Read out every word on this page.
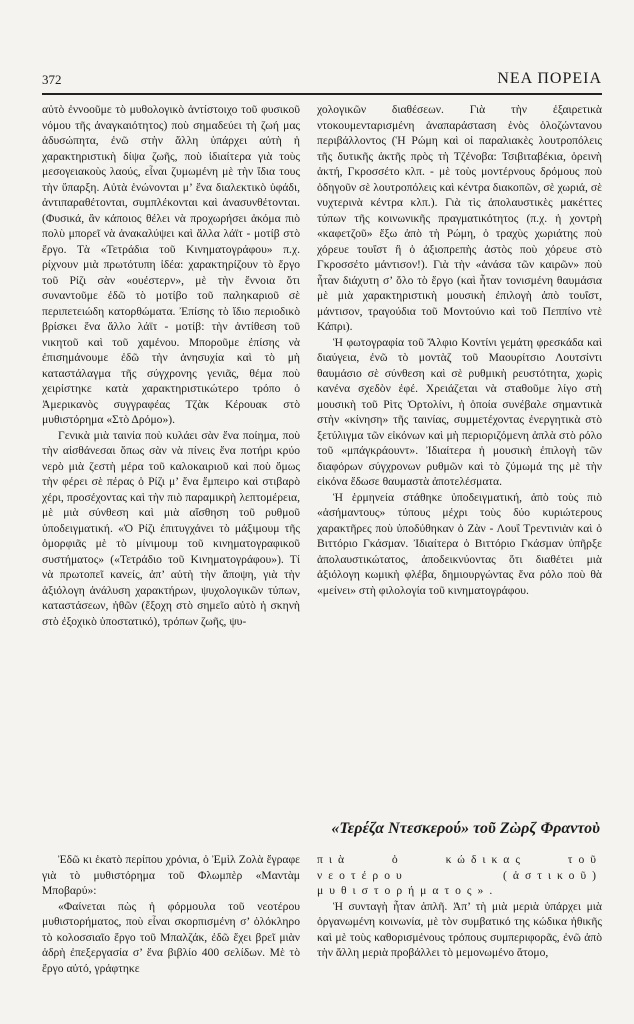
372	ΝΕΑ ΠΟΡΕΙΑ

αὐτὸ ἐννοοῦμε τὸ μυθολογικὸ ἀντίστοιχο τοῦ φυσικοῦ νόμου τῆς ἀναγκαιότητος) ποὺ σημαδεύει τὴ ζωή μας ἀδυσώπητα, ἐνῶ στὴν ἄλλη ὑπάρχει αὐτὴ ἡ χαρακτηριστικὴ δίψα ζωῆς, ποὺ ἰδιαίτερα γιὰ τοὺς μεσογειακοὺς λαούς, εἶναι ζυμωμένη μὲ τὴν ἴδια τους τὴν ὕπαρξη. Αὐτὰ ἑνώνονται μ’ ἕνα διαλεκτικὸ ὑφάδι, ἀντιπαραθέτονται, συμπλέκονται καὶ ἀνασυνθέτονται. (Φυσικά, ἂν κάποιος θέλει νὰ προχωρήσει ἀκόμα πιὸ πολὺ μπορεῖ νὰ ἀνακαλύψει καὶ ἄλλα λάϊτ - μοτίβ στὸ ἔργο. Τὰ «Τετράδια τοῦ Κινηματογράφου» π.χ. ρίχνουν μιὰ πρωτότυπη ἰδέα: χαρακτηρίζουν τὸ ἔργο τοῦ Ρίζι σὰν «ουέστερν», μὲ τὴν ἔννοια ὅτι συναντοῦμε ἐδῶ τὸ μοτίβο τοῦ παληκαριοῦ σὲ περιπετειώδη κατορθώματα. Ἐπίσης τὸ ἴδιο περιοδικὸ βρίσκει ἕνα ἄλλο λάϊτ - μοτίβ: τὴν ἀντίθεση τοῦ νικητοῦ καὶ τοῦ χαμένου. Μποροῦμε ἐπίσης νὰ ἐπισημάνουμε ἐδῶ τὴν ἀνησυχία καὶ τὸ μὴ καταστάλαγμα τῆς σύγχρονης γενιᾶς, θέμα ποὺ χειρίστηκε κατὰ χαρακτηριστικώτερο τρόπο ὁ Ἀμερικανὸς συγγραφέας Τζὰκ Κέρουακ στὸ μυθιστόρημα «Στὸ Δρόμο»).

Γενικὰ μιὰ ταινία ποὺ κυλάει σὰν ἕνα ποίημα, ποὺ τὴν αἰσθάνεσαι ὅπως σὰν νὰ πίνεις ἕνα ποτήρι κρύο νερὸ μιὰ ζεστὴ μέρα τοῦ καλοκαιριοῦ καὶ ποὺ ὅμως τὴν φέρει σὲ πέρας ὁ Ρίζι μ’ ἕνα ἔμπειρο καὶ στιβαρὸ χέρι, προσέχοντας καὶ τὴν πιὸ παραμικρὴ λεπτομέρεια, μὲ μιὰ σύνθεση καὶ μιὰ αἴσθηση τοῦ ρυθμοῦ ὑποδειγματική. «Ὁ Ρίζι ἐπιτυγχάνει τὸ μάξιμουμ τῆς ὁμορφιᾶς μὲ τὸ μίνιμουμ τοῦ κινηματογραφικοῦ συστήματος» («Τετράδιο τοῦ Κινηματογράφου»). Τί νὰ πρωτοπεῖ κανείς, ἀπ’ αὐτὴ τὴν ἄποψη, γιὰ τὴν ἀξιόλογη ἀνάλυση χαρακτήρων, ψυχολογικῶν τύπων, καταστάσεων, ἠθῶν (ἔξοχη στὸ σημεῖο αὐτὸ ἡ σκηνὴ στὸ ἐξοχικὸ ὑποστατικό), τρόπων ζωῆς, ψυ-

χολογικῶν διαθέσεων. Γιὰ τὴν ἐξαιρετικὰ ντοκουμενταρισμένη ἀναπαράσταση ἑνὸς ὁλοζώντανου περιβάλλοντος (Ἡ Ρώμη καὶ οἱ παραλιακὲς λουτροπόλεις τῆς δυτικῆς ἀκτῆς πρὸς τὴ Τζένοβα: Τσιβιταβέκια, ὀρεινὴ ἀκτή, Γκροσσέτο κλπ. - μὲ τοὺς μοντέρνους δρόμους ποὺ ὁδηγοῦν σὲ λουτροπόλεις καὶ κέντρα διακοπῶν, σὲ χωριά, σὲ νυχτερινὰ κέντρα κλπ.). Γιὰ τὶς ἀπολαυστικὲς μακέττες τύπων τῆς κοινωνικῆς πραγματικότητος (π.χ. ἡ χοντρὴ «καφετζοῦ» ἔξω ἀπὸ τὴ Ρώμη, ὁ τραχὺς χωριάτης ποὺ χόρευε τουΐστ ἢ ὁ ἀξιοπρεπὴς ἀστὸς ποὺ χόρευε στὸ Γκροσσέτο μάντισον!). Γιὰ τὴν «ἀνάσα τῶν καιρῶν» ποὺ ἦταν διάχυτη σ’ ὅλο τὸ ἔργο (καὶ ἦταν τονισμένη θαυμάσια μὲ μιὰ χαρακτηριστικὴ μουσικὴ ἐπιλογὴ ἀπὸ τουΐστ, μάντισον, τραγούδια τοῦ Μοντούνιο καὶ τοῦ Πεππίνο ντὲ Κάπρι).

Ἡ φωτογραφία τοῦ Ἄλφιο Κοντίνι γεμάτη φρεσκάδα καὶ διαύγεια, ἐνῶ τὸ μοντὰζ τοῦ Μαουρίτσιο Λουτσίντι θαυμάσιο σὲ σύνθεση καὶ σὲ ρυθμικὴ ρευστότητα, χωρὶς κανένα σχεδὸν ἐφέ. Χρειάζεται νὰ σταθοῦμε λίγο στὴ μουσικὴ τοῦ Ρὶτς Ὀρτολίνι, ἡ ὁποία συνέβαλε σημαντικὰ στὴν «κίνηση» τῆς ταινίας, συμμετέχοντας ἐνεργητικὰ στὸ ξετύλιγμα τῶν εἰκόνων καὶ μὴ περιοριζόμενη ἁπλὰ στὸ ρόλο τοῦ «μπάγκράουντ». Ἰδιαίτερα ἡ μουσικὴ ἐπιλογὴ τῶν διαφόρων σύγχρονων ρυθμῶν καὶ τὸ ζύμωμά της μὲ τὴν εἰκόνα ἔδωσε θαυμαστὰ ἀποτελέσματα.

Ἡ ἑρμηνεία στάθηκε ὑποδειγματική, ἀπὸ τοὺς πιὸ «ἀσήμαντους» τύπους μέχρι τοὺς δύο κυριώτερους χαρακτῆρες ποὺ ὑποδύθηκαν ὁ Ζὰν - Λουΐ Τρεντινιὰν καὶ ὁ Βιττόριο Γκάσμαν. Ἰδιαίτερα ὁ Βιττόριο Γκάσμαν ὑπῆρξε ἀπολαυστικώτατος, ἀποδεικνύοντας ὅτι διαθέτει μιὰ ἀξιόλογη κωμικὴ φλέβα, δημιουργώντας ἕνα ρόλο ποὺ θὰ «μείνει» στὴ φιλολογία τοῦ κινηματογράφου.

«Τερέζα Ντεσκερού» τοῦ Ζὼρζ Φραντοὺ

Ἐδῶ κι ἑκατὸ περίπου χρόνια, ὁ Ἐμὶλ Ζολὰ ἔγραφε γιὰ τὸ μυθιστόρημα τοῦ Φλωμπὲρ «Μαντὰμ Μποβαρύ»:

«Φαίνεται πὼς ἡ φόρμουλα τοῦ νεοτέρου μυθιστορήματος, ποὺ εἶναι σκορπισμένη σ’ ὁλόκληρο τὸ κολοσσιαῖο ἔργο τοῦ Μπαλζάκ, ἐδῶ ἔχει βρεῖ μιὰν ἁδρὴ ἐπεξεργασία σ’ ἕνα βιβλίο 400 σελίδων. Μὲ τὸ ἔργο αὐτό, γράφτηκε

πιὰ ὁ κώδικας τοῦ νεοτέρου (ἀστικοῦ) μυθιστορήματος».

Ἡ συνταγὴ ἦταν ἁπλῆ. Ἀπ’ τὴ μιὰ μεριὰ ὑπάρχει μιὰ ὀργανωμένη κοινωνία, μὲ τὸν συμβατικό της κώδικα ἠθικῆς καὶ μὲ τοὺς καθορισμένους τρόπους συμπεριφορᾶς, ἐνῶ ἀπὸ τὴν ἄλλη μεριὰ προβάλλει τὸ μεμονωμένο ἄτομο,
